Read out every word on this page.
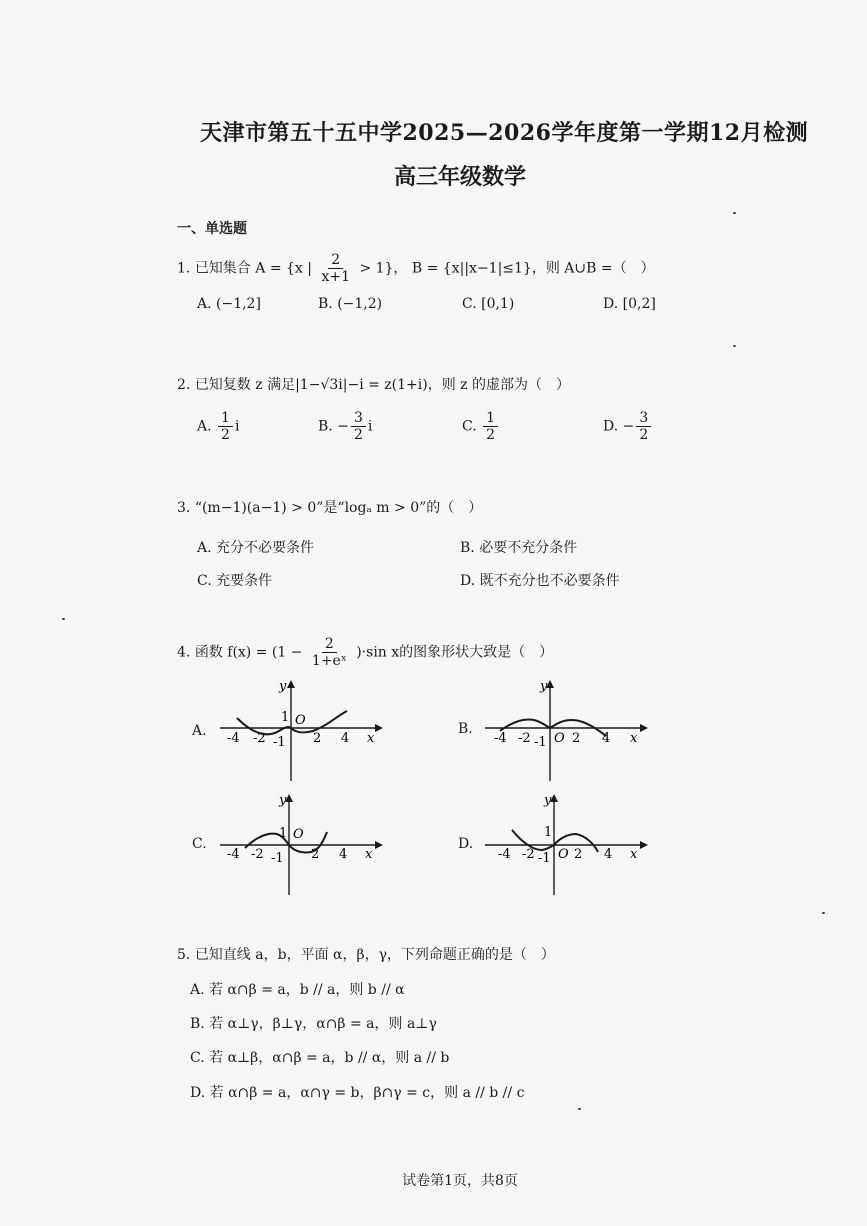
天津市第五十五中学2025—2026学年度第一学期12月检测
高三年级数学
一、单选题
1. 已知集合 A = {x | $\frac{2}{x+1} > 1$}， B = {x||x−1|≤1}，则 A∪B =（　）
A. (−1,2]	B. (−1,2)	C. [0,1)	D. [0,2]
2. 已知复数 z 满足|1−√3i|−i = z(1+i)，则 z 的虚部为（　）
A. $\frac{1}{2}$ i	B. − $\frac{3}{2}$ i	C. $\frac{1}{2}$	D. − $\frac{3}{2}$
3. “(m−1)(a−1) > 0”是“logₐ m > 0”的（　）
A. 充分不必要条件	B. 必要不充分条件
C. 充要条件	D. 既不充分也不必要条件
4. 函数 $f(x) = (1 - \frac{2}{\text{1+eˣ}} )\cdot\sin$ x的图象形状大致是（　）
A.	B.
C.	D.
y
x
1 O
-4 -2 -1 2 4
y
x
-4 -2 -1 O 2 4
y
x
1 O
-4 -2 -1 2 4
y
x
1
-4 -2 -1 O 2 4
5. 已知直线 a，b，平面 α，β，γ，下列命题正确的是（　）
A. 若 α∩β = a，b // a，则 b // α
B. 若 α⊥γ，β⊥γ，α∩β = a，则 a⊥γ
C. 若 α⊥β，α∩β = a，b // α，则 a // b
D. 若 α∩β = a，α∩γ = b，β∩γ = c，则 a // b // c
试卷第1页，共8页
